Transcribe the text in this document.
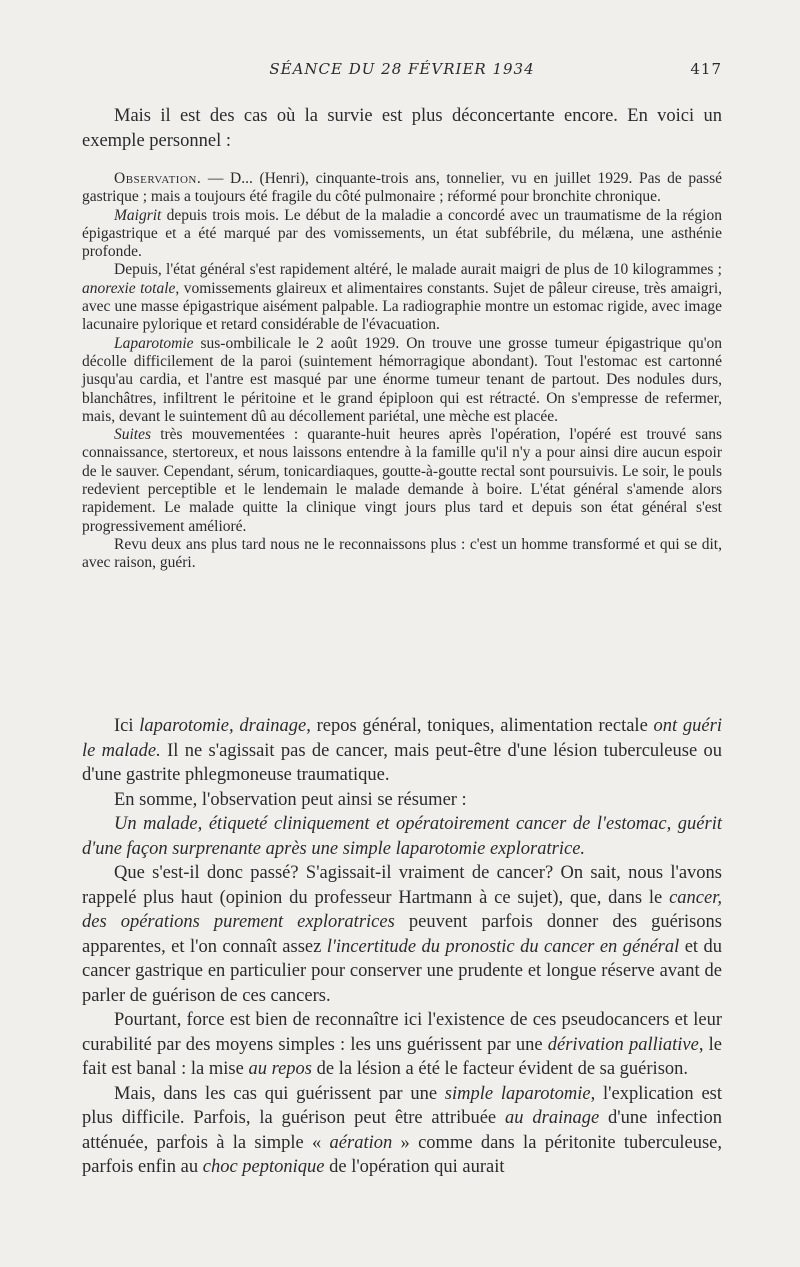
SÉANCE DU 28 FÉVRIER 1934	417

Mais il est des cas où la survie est plus déconcertante encore. En voici un exemple personnel :

Observation. — D... (Henri), cinquante-trois ans, tonnelier, vu en juillet 1929. Pas de passé gastrique ; mais a toujours été fragile du côté pulmonaire ; réformé pour bronchite chronique.

Maigrit depuis trois mois. Le début de la maladie a concordé avec un traumatisme de la région épigastrique et a été marqué par des vomissements, un état subfébrile, du mélæna, une asthénie profonde.

Depuis, l'état général s'est rapidement altéré, le malade aurait maigri de plus de 10 kilogrammes ; anorexie totale, vomissements glaireux et alimentaires constants. Sujet de pâleur cireuse, très amaigri, avec une masse épigastrique aisément palpable. La radiographie montre un estomac rigide, avec image lacunaire pylorique et retard considérable de l'évacuation.

Laparotomie sus-ombilicale le 2 août 1929. On trouve une grosse tumeur épigastrique qu'on décolle difficilement de la paroi (suintement hémorragique abondant). Tout l'estomac est cartonné jusqu'au cardia, et l'antre est masqué par une énorme tumeur tenant de partout. Des nodules durs, blanchâtres, infiltrent le péritoine et le grand épiploon qui est rétracté. On s'empresse de refermer, mais, devant le suintement dû au décollement pariétal, une mèche est placée.

Suites très mouvementées : quarante-huit heures après l'opération, l'opéré est trouvé sans connaissance, stertoreux, et nous laissons entendre à la famille qu'il n'y a pour ainsi dire aucun espoir de le sauver. Cependant, sérum, tonicardiaques, goutte-à-goutte rectal sont poursuivis. Le soir, le pouls redevient perceptible et le lendemain le malade demande à boire. L'état général s'amende alors rapidement. Le malade quitte la clinique vingt jours plus tard et depuis son état général s'est progressivement amélioré.

Revu deux ans plus tard nous ne le reconnaissons plus : c'est un homme transformé et qui se dit, avec raison, guéri.

Ici laparotomie, drainage, repos général, toniques, alimentation rectale ont guéri le malade. Il ne s'agissait pas de cancer, mais peut-être d'une lésion tuberculeuse ou d'une gastrite phlegmoneuse traumatique.

En somme, l'observation peut ainsi se résumer :

Un malade, étiqueté cliniquement et opératoirement cancer de l'estomac, guérit d'une façon surprenante après une simple laparotomie exploratrice.

Que s'est-il donc passé? S'agissait-il vraiment de cancer? On sait, nous l'avons rappelé plus haut (opinion du professeur Hartmann à ce sujet), que, dans le cancer, des opérations purement exploratrices peuvent parfois donner des guérisons apparentes, et l'on connaît assez l'incertitude du pronostic du cancer en général et du cancer gastrique en particulier pour conserver une prudente et longue réserve avant de parler de guérison de ces cancers.

Pourtant, force est bien de reconnaître ici l'existence de ces pseudocancers et leur curabilité par des moyens simples : les uns guérissent par une dérivation palliative, le fait est banal : la mise au repos de la lésion a été le facteur évident de sa guérison.

Mais, dans les cas qui guérissent par une simple laparotomie, l'explication est plus difficile. Parfois, la guérison peut être attribuée au drainage d'une infection atténuée, parfois à la simple « aération » comme dans la péritonite tuberculeuse, parfois enfin au choc peptonique de l'opération qui aurait
